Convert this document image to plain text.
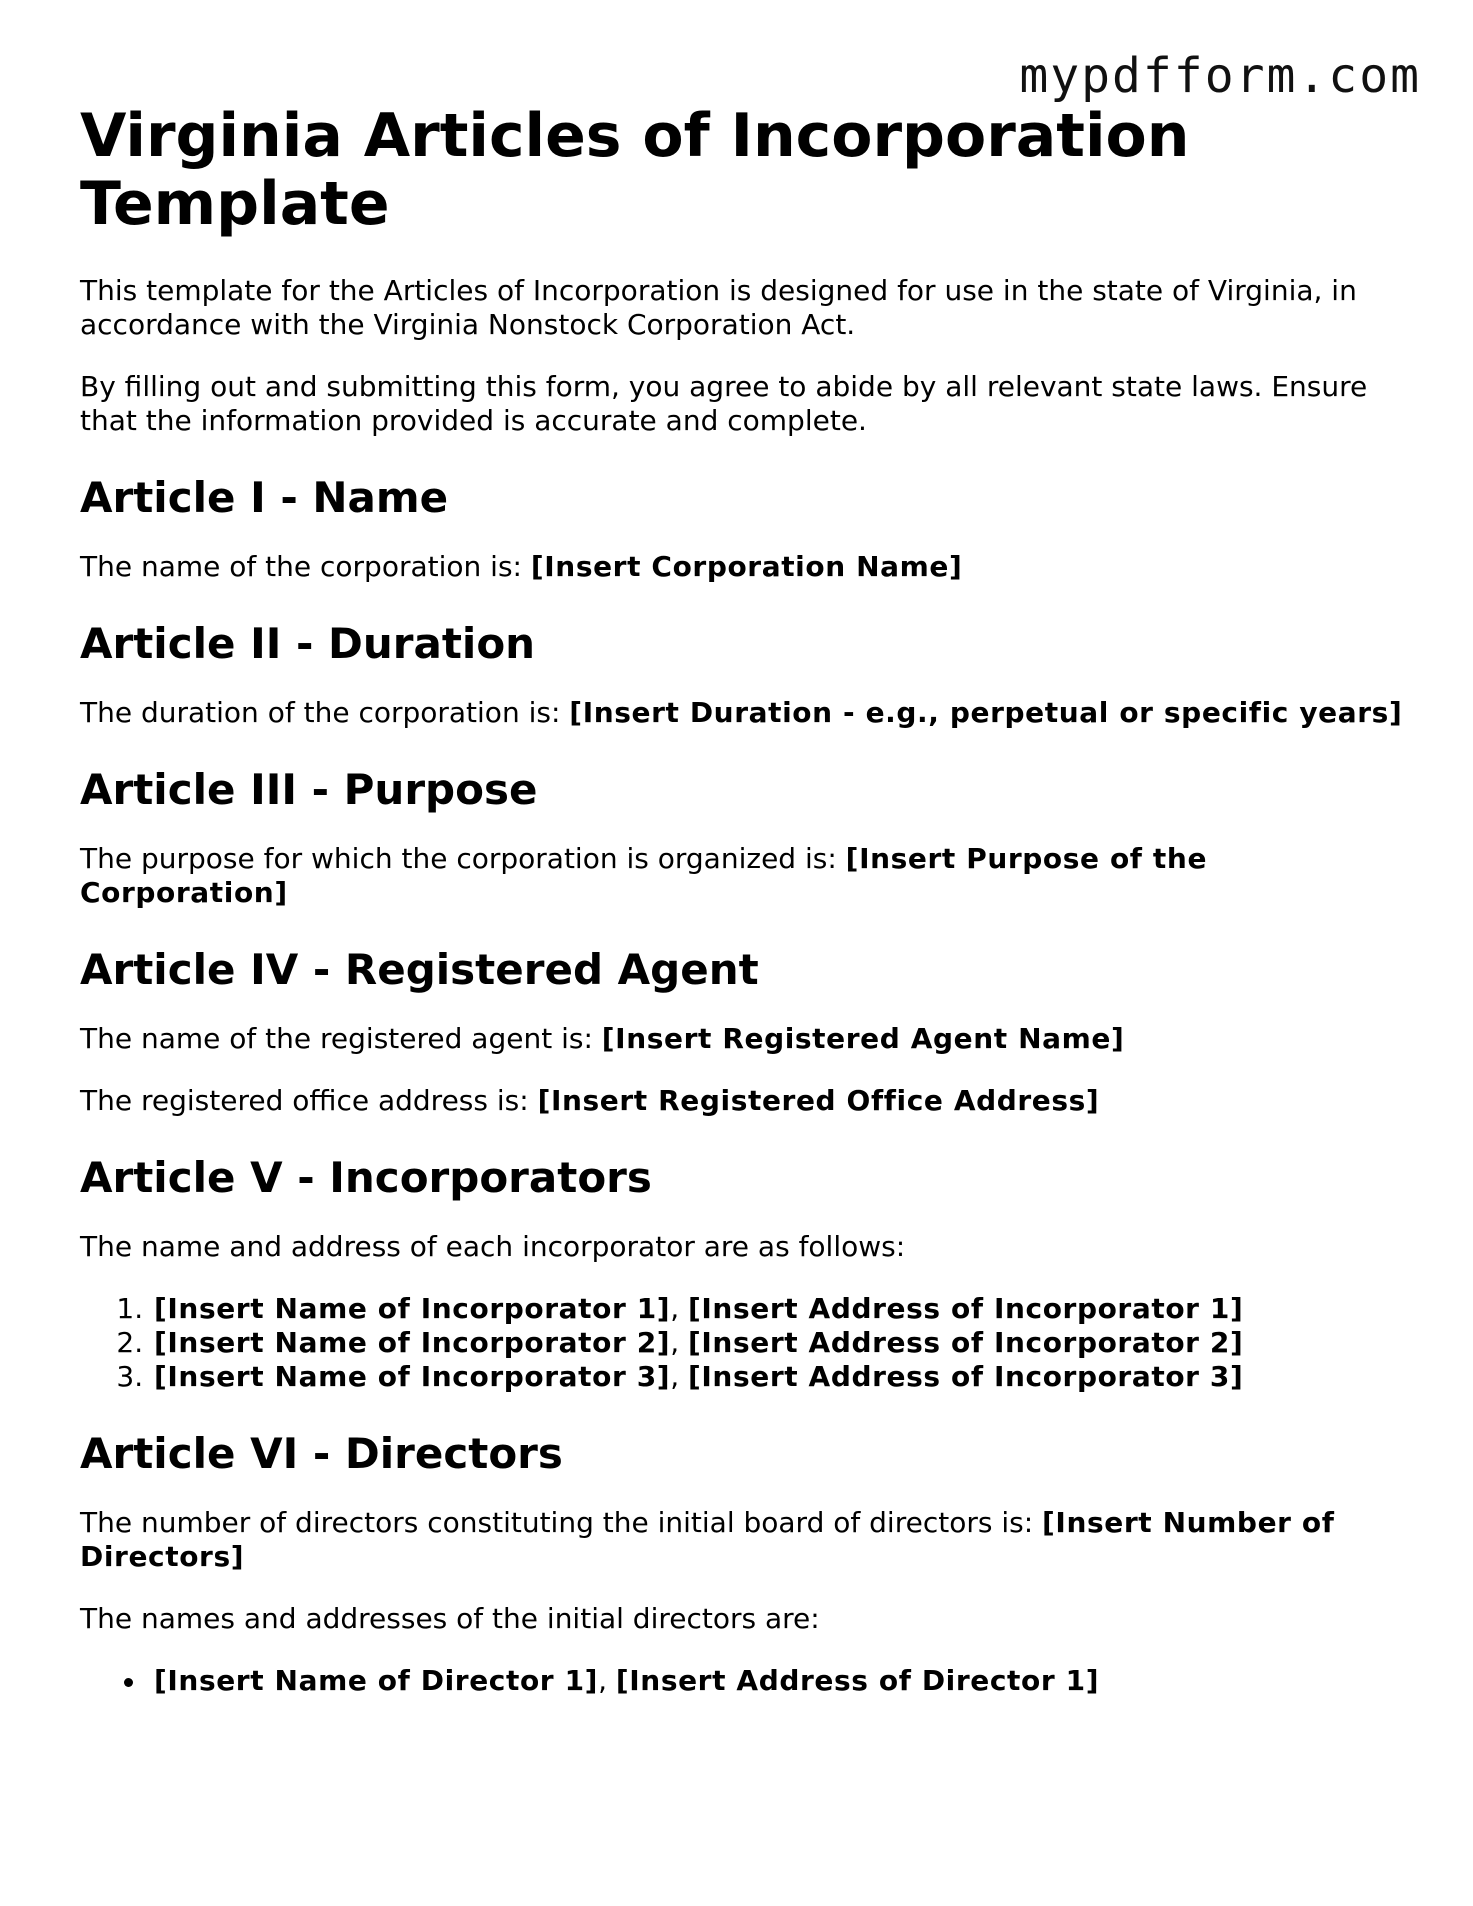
mypdfform.com
Virginia Articles of Incorporation Template

This template for the Articles of Incorporation is designed for use in the state of Virginia, in accordance with the Virginia Nonstock Corporation Act.

By filling out and submitting this form, you agree to abide by all relevant state laws. Ensure that the information provided is accurate and complete.

Article I - Name

The name of the corporation is: [Insert Corporation Name]

Article II - Duration

The duration of the corporation is: [Insert Duration - e.g., perpetual or specific years]

Article III - Purpose

The purpose for which the corporation is organized is: [Insert Purpose of the Corporation]

Article IV - Registered Agent

The name of the registered agent is: [Insert Registered Agent Name]

The registered office address is: [Insert Registered Office Address]

Article V - Incorporators

The name and address of each incorporator are as follows:

1. [Insert Name of Incorporator 1], [Insert Address of Incorporator 1]
2. [Insert Name of Incorporator 2], [Insert Address of Incorporator 2]
3. [Insert Name of Incorporator 3], [Insert Address of Incorporator 3]
Article VI - Directors

The number of directors constituting the initial board of directors is: [Insert Number of Directors]

The names and addresses of the initial directors are:

[Insert Name of Director 1], [Insert Address of Director 1]
